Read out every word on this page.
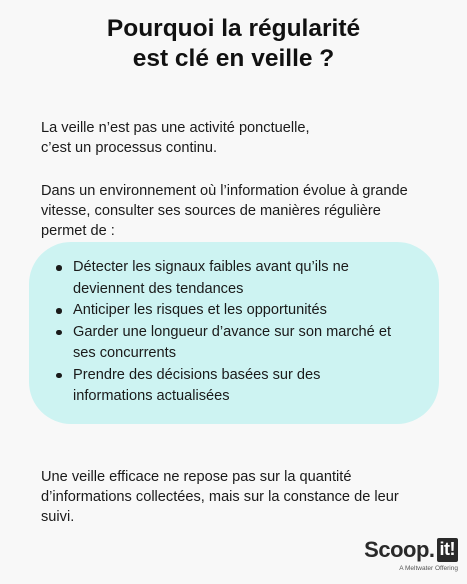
Pourquoi la régularité
est clé en veille ?
La veille n’est pas une activité ponctuelle,
c’est un processus continu.
Dans un environnement où l’information évolue à grande
vitesse, consulter ses sources de manières régulière
permet de :
Détecter les signaux faibles avant qu’ils ne
deviennent des tendances
Anticiper les risques et les opportunités
Garder une longueur d’avance sur son marché et
ses concurrents
Prendre des décisions basées sur des
informations actualisées
Une veille efficace ne repose pas sur la quantité
d’informations collectées, mais sur la constance de leur
suivi.
Scoop. it!
A Meltwater Offering
